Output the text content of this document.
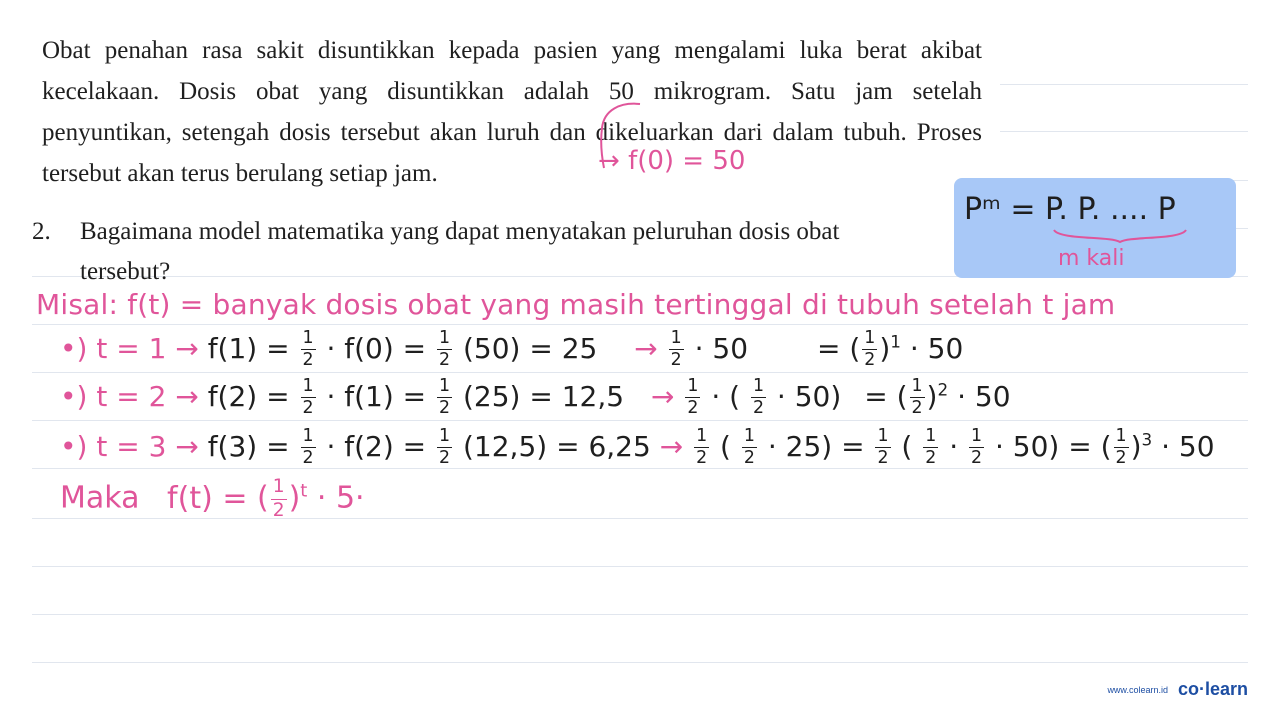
Obat penahan rasa sakit disuntikkan kepada pasien yang mengalami luka berat akibat kecelakaan. Dosis obat yang disuntikkan adalah 50 mikrogram. Satu jam setelah penyuntikan, setengah dosis tersebut akan luruh dan dikeluarkan dari dalam tubuh. Proses tersebut akan terus berulang setiap jam.	→ f(0) = 50
2. Bagaimana model matematika yang dapat menyatakan peluruhan dosis obat tersebut?
Pᵐ = P. P. .... P
m kali
Misal: f(t) = banyak dosis obat yang masih tertinggal di tubuh setelah t jam
•) $t = 1 \to f(1) = \frac{1}{2} \cdot f(0) = \frac{1}{2} (50) = 25 \to \frac{1}{2} \cdot 50$ = ( $\frac{1}{2} )^1 \cdot 50$
•) $t = 2 \to f(2) = \frac{1}{2} \cdot f(1) = \frac{1}{2} (25) = 12,5 \to \frac{1}{2}$ · ( $\frac{1}{2} \cdot 50$) = ( $\frac{1}{2} )^2 \cdot 50$
•) $t = 3 \to f(3) = \frac{1}{2} \cdot f(2) = \frac{1}{2} (12,5) = 6,25 \to \frac{1}{2}$ ( $\frac{1}{2} \cdot 25) = \frac{1}{2}$ ( $\frac{1}{2} \cdot \frac{1}{2} \cdot 50$) = ( $\frac{1}{2} )^3 \cdot 50$
Maka f(t) = ( $\frac{1}{2} )^t \cdot 5\cdot$
www.colearn.id co·learn
